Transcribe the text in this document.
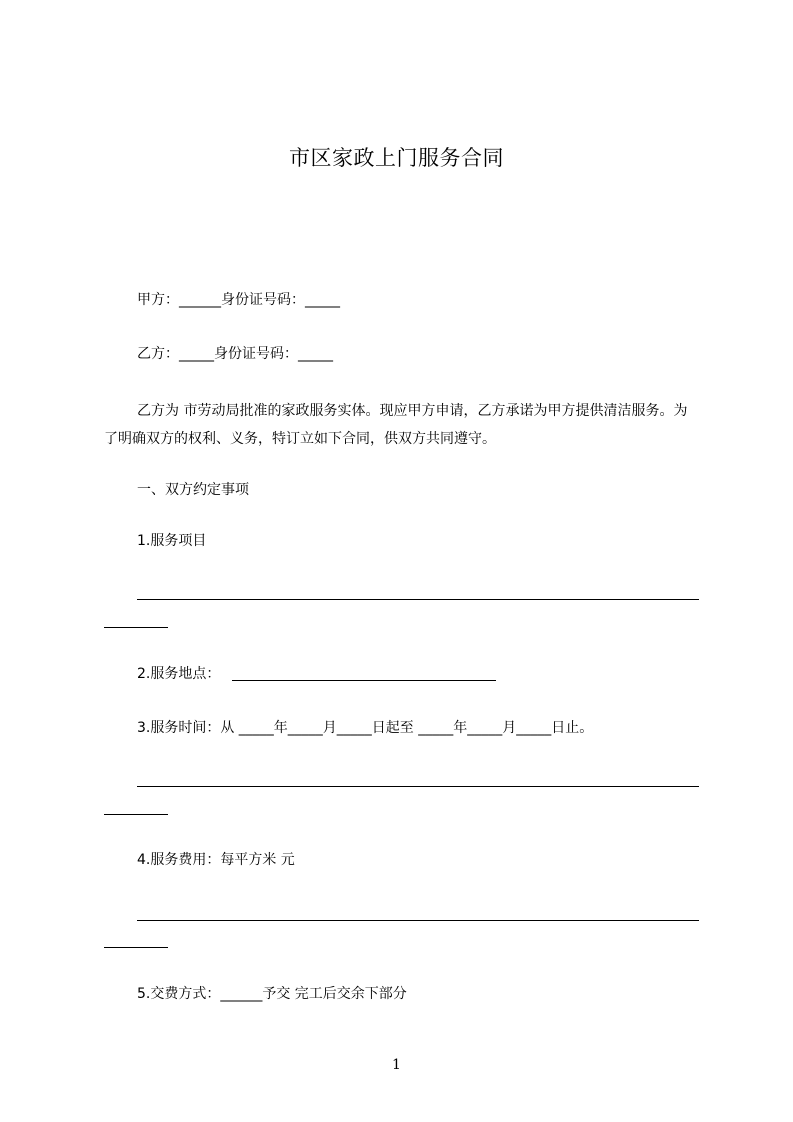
市区家政上门服务合同
甲方：______身份证号码：_____
乙方：_____身份证号码：_____
乙方为 市劳动局批准的家政服务实体。现应甲方申请，乙方承诺为甲方提供清洁服务。为了明确双方的权利、义务，特订立如下合同，供双方共同遵守。
一、双方约定事项
1.服务项目
2.服务地点：
3.服务时间：从 _____年_____月_____日起至 _____年_____月_____日止。
4.服务费用：每平方米 元
5.交费方式：______予交 完工后交余下部分
1
